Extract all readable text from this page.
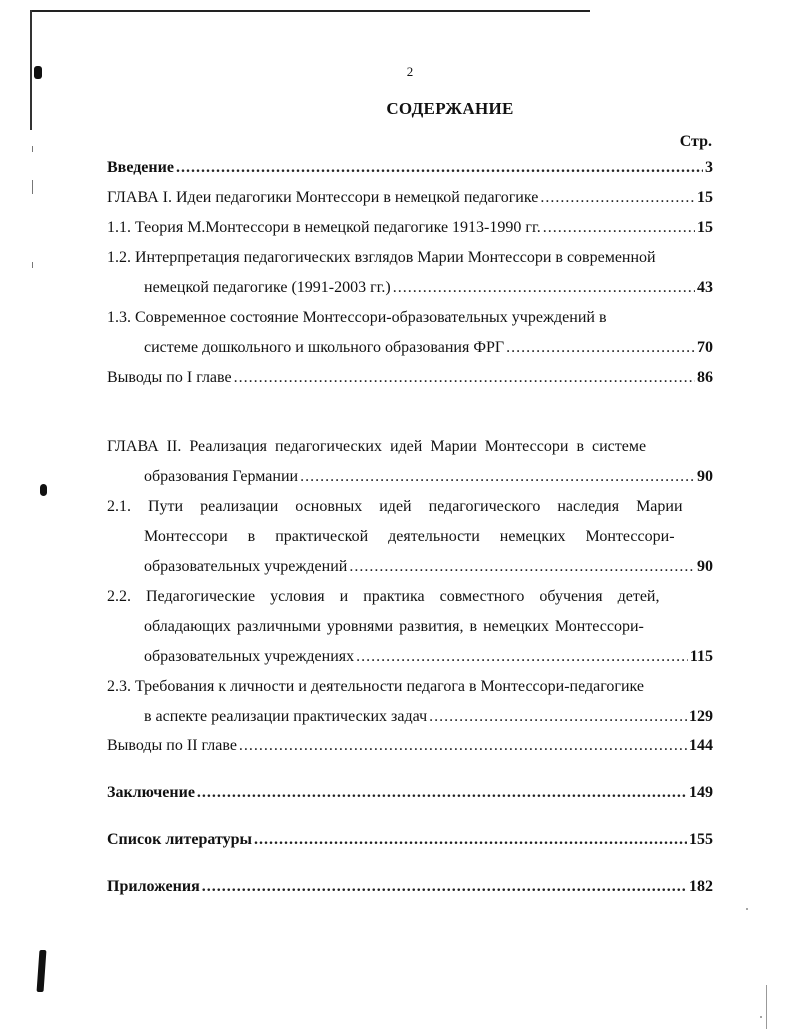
2
СОДЕРЖАНИЕ
Стр.
Введение .....	3
ГЛАВА I. Идеи педагогики Монтессори в немецкой педагогике .....	15
1.1. Теория М.Монтессори в немецкой педагогике 1913-1990 гг. .....	15
1.2. Интерпретация педагогических взглядов Марии Монтессори в современной
немецкой педагогике (1991-2003 гг.) .....	43
1.3. Современное состояние Монтессори-образовательных учреждений в
системе дошкольного и школьного образования ФРГ .....	70
Выводы по I главе .....	86
ГЛАВА II. Реализация педагогических идей Марии Монтессори в системе
образования Германии .....	90
2.1. Пути реализации основных идей педагогического наследия Марии
Монтессори в практической деятельности немецких Монтессори-
образовательных учреждений .....	90
2.2. Педагогические условия и практика совместного обучения детей,
обладающих различными уровнями развития, в немецких Монтессори-
образовательных учреждениях .....	115
2.3. Требования к личности и деятельности педагога в Монтессори-педагогике
в аспекте реализации практических задач .....	129
Выводы по II главе .....	144
Заключение .....	149
Список литературы .....	155
Приложения .....	182
